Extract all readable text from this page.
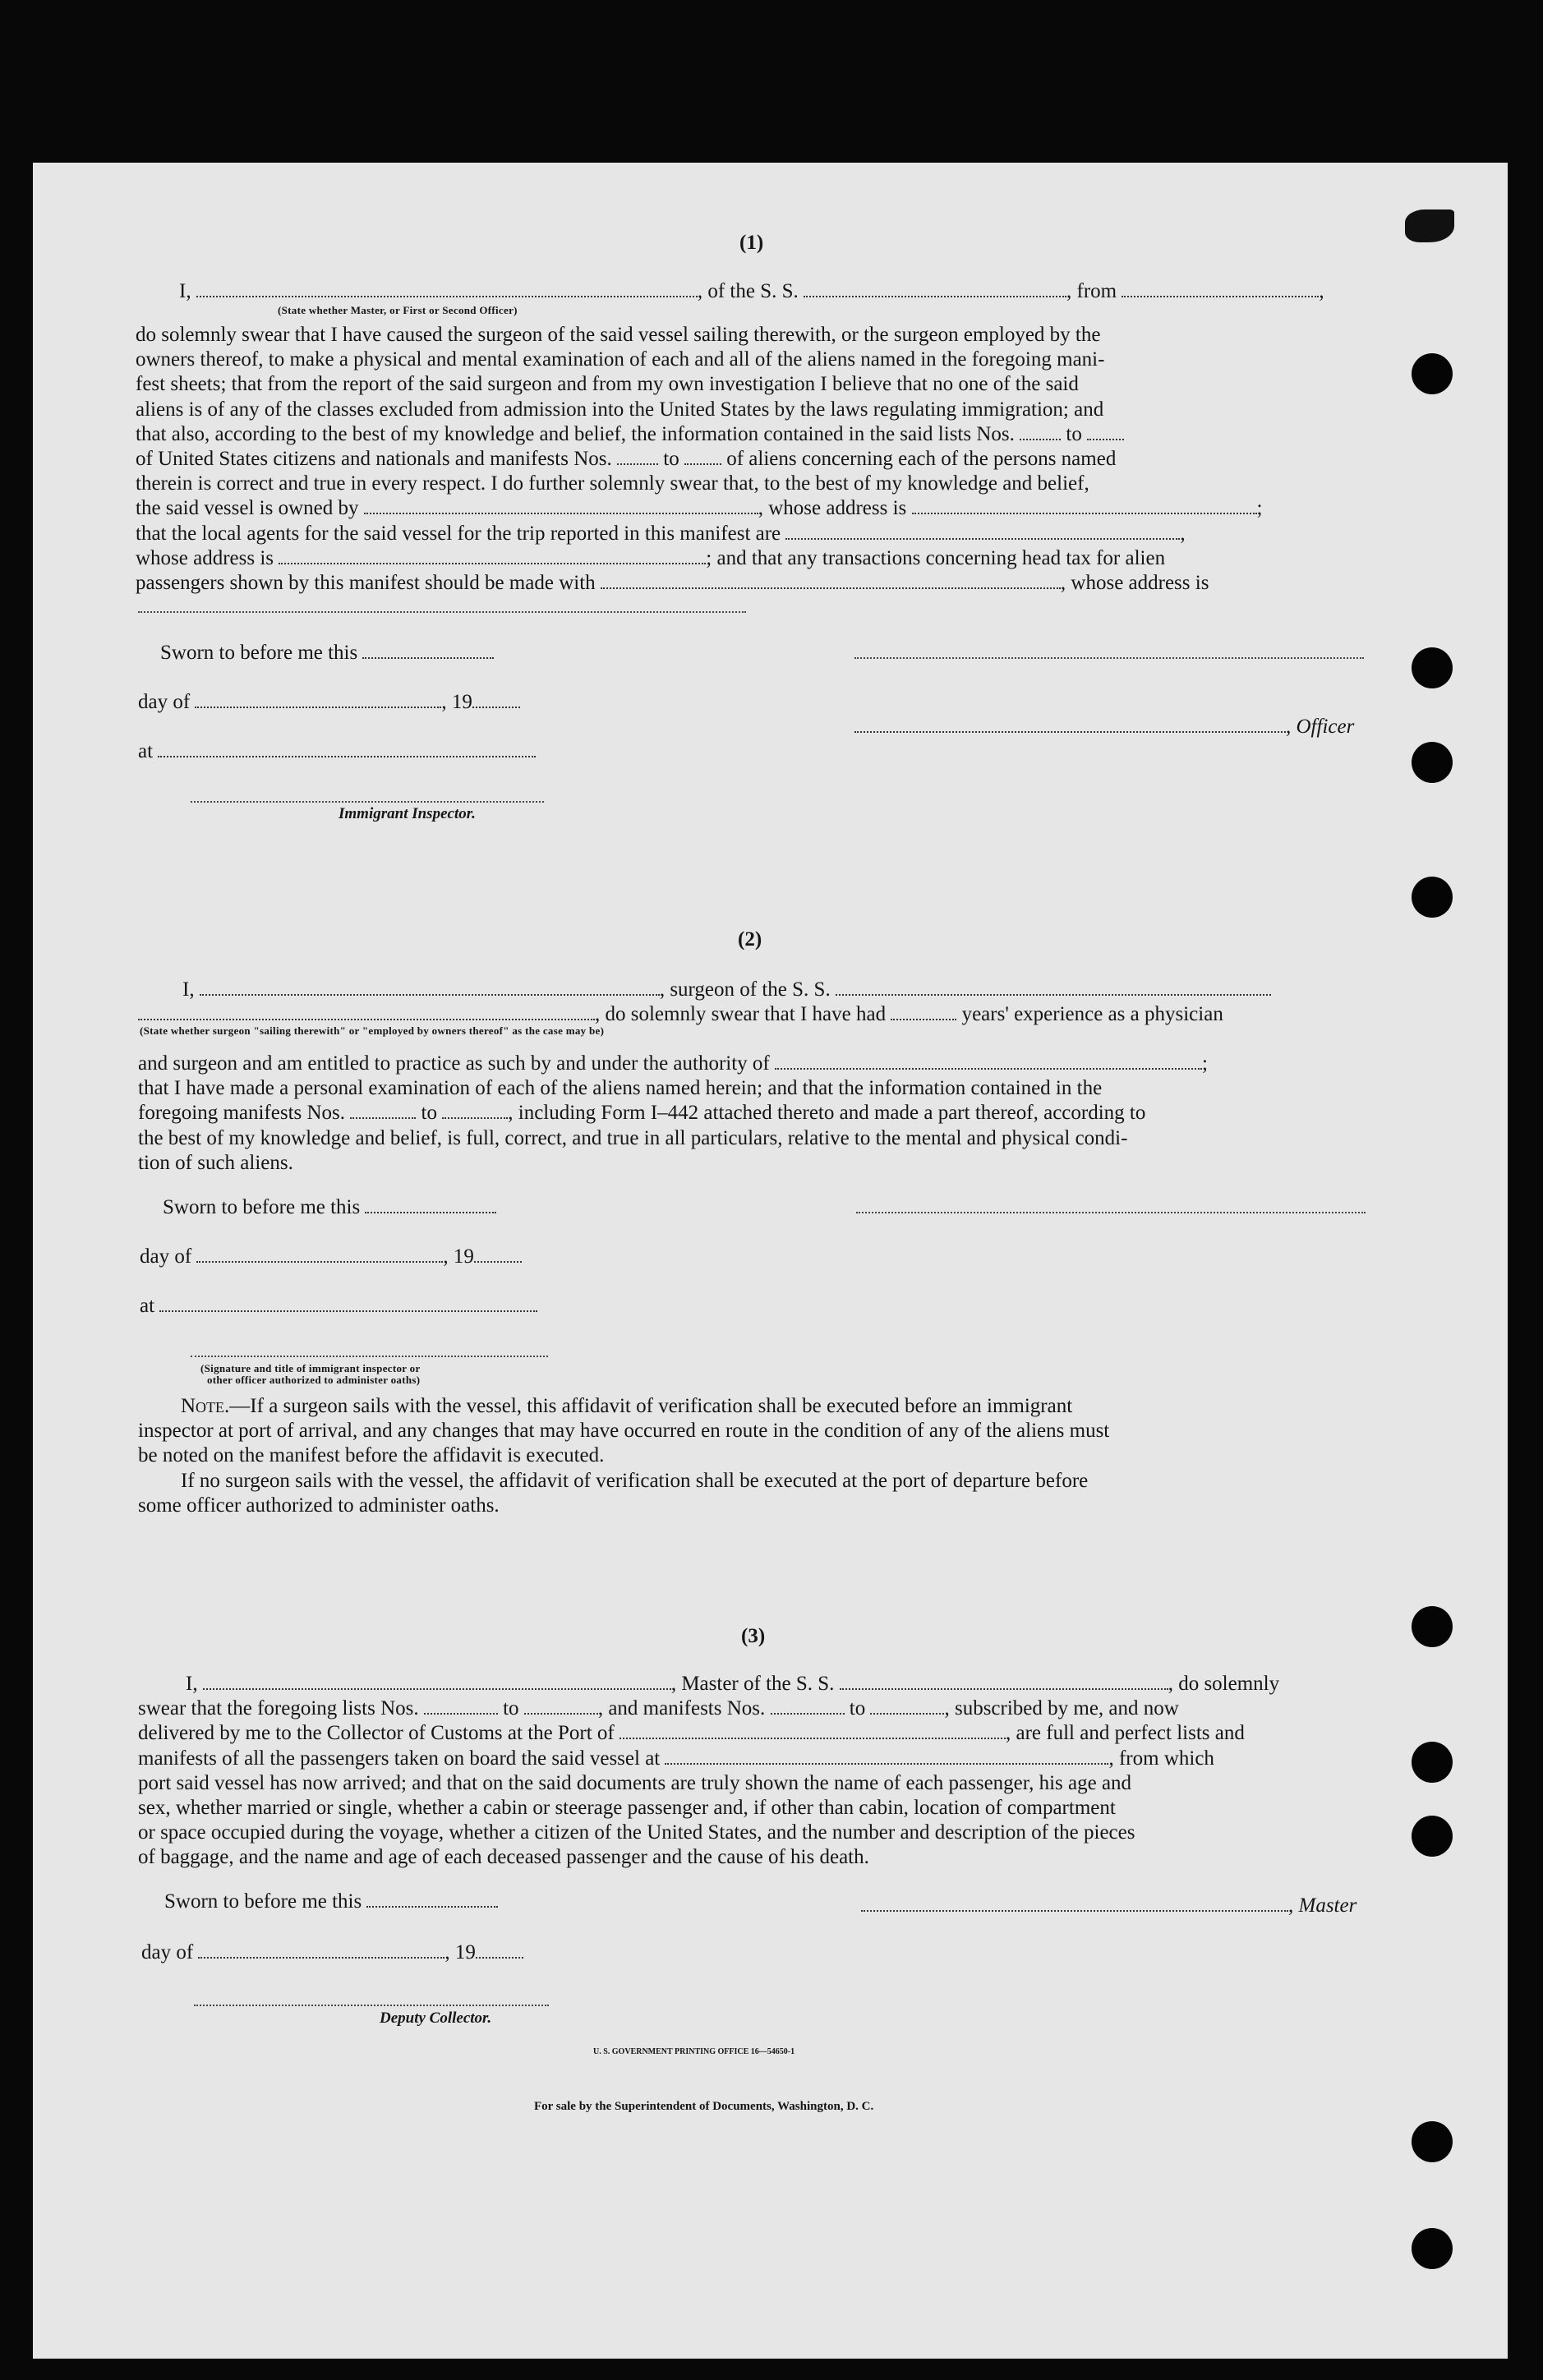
(1)
I,	, of the S. S.	, from	,
(State whether Master, or First or Second Officer)
do solemnly swear that I have caused the surgeon of the said vessel sailing therewith, or the surgeon employed by the
owners thereof, to make a physical and mental examination of each and all of the aliens named in the foregoing mani-
fest sheets; that from the report of the said surgeon and from my own investigation I believe that no one of the said
aliens is of any of the classes excluded from admission into the United States by the laws regulating immigration; and
that also, according to the best of my knowledge and belief, the information contained in the said lists Nos.	to
of United States citizens and nationals and manifests Nos.	to of aliens concerning each of the persons named
therein is correct and true in every respect. I do further solemnly swear that, to the best of my knowledge and belief,
the said vessel is owned by	, whose address is	;
that the local agents for the said vessel for the trip reported in this manifest are	,
whose address is	; and that any transactions concerning head tax for alien
passengers shown by this manifest should be made with	, whose address is
Sworn to before me this
day of	, 19
, Officer
at
Immigrant Inspector.
(2)
I,	, surgeon of the S. S.
, do solemnly swear that I have had	years' experience as a physician
(State whether surgeon "sailing therewith" or "employed by owners thereof" as the case may be)
and surgeon and am entitled to practice as such by and under the authority of	;
that I have made a personal examination of each of the aliens named herein; and that the information contained in the
foregoing manifests Nos.	to	, including Form I–442 attached thereto and made a part thereof, according to
the best of my knowledge and belief, is full, correct, and true in all particulars, relative to the mental and physical condi-
tion of such aliens.
Sworn to before me this
day of	, 19
at
(Signature and title of immigrant inspector or
other officer authorized to administer oaths)
Note.—If a surgeon sails with the vessel, this affidavit of verification shall be executed before an immigrant
inspector at port of arrival, and any changes that may have occurred en route in the condition of any of the aliens must
be noted on the manifest before the affidavit is executed.
If no surgeon sails with the vessel, the affidavit of verification shall be executed at the port of departure before
some officer authorized to administer oaths.
(3)
I,	, Master of the S. S.	, do solemnly
swear that the foregoing lists Nos.	to	, and manifests Nos.	to	, subscribed by me, and now
delivered by me to the Collector of Customs at the Port of	, are full and perfect lists and
manifests of all the passengers taken on board the said vessel at	, from which
port said vessel has now arrived; and that on the said documents are truly shown the name of each passenger, his age and
sex, whether married or single, whether a cabin or steerage passenger and, if other than cabin, location of compartment
or space occupied during the voyage, whether a citizen of the United States, and the number and description of the pieces
of baggage, and the name and age of each deceased passenger and the cause of his death.
Sworn to before me this	, Master
day of	, 19
Deputy Collector.
U. S. GOVERNMENT PRINTING OFFICE 16—54650-1
For sale by the Superintendent of Documents, Washington, D. C.
